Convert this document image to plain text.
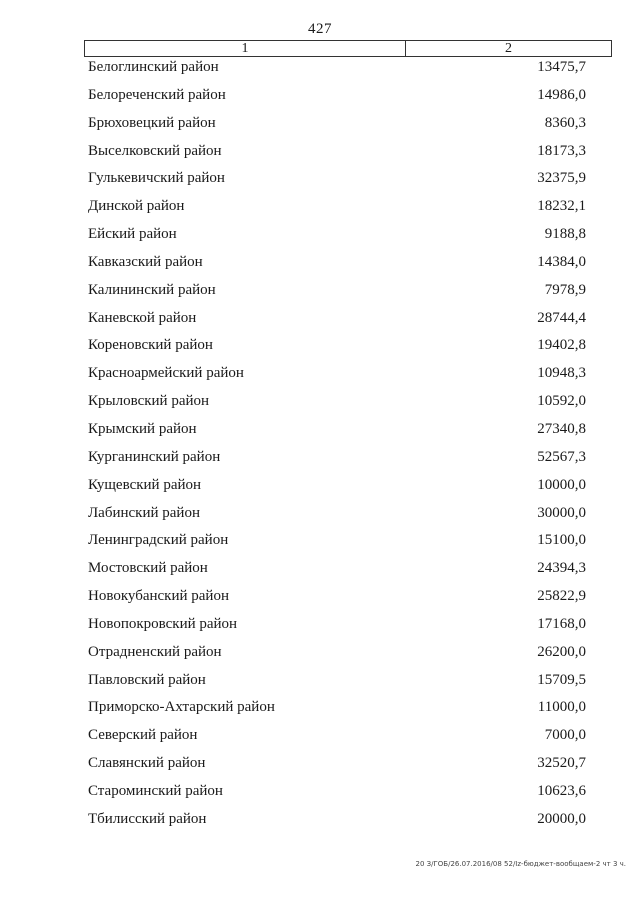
427
1	2
Белоглинский район	13475,7
Белореченский район	14986,0
Брюховецкий район	8360,3
Выселковский район	18173,3
Гулькевичский район	32375,9
Динской район	18232,1
Ейский район	9188,8
Кавказский район	14384,0
Калининский район	7978,9
Каневской район	28744,4
Кореновский район	19402,8
Красноармейский район	10948,3
Крыловский район	10592,0
Крымский район	27340,8
Курганинский район	52567,3
Кущевский район	10000,0
Лабинский район	30000,0
Ленинградский район	15100,0
Мостовский район	24394,3
Новокубанский район	25822,9
Новопокровский район	17168,0
Отрадненский район	26200,0
Павловский район	15709,5
Приморско-Ахтарский район	11000,0
Северский район	7000,0
Славянский район	32520,7
Староминский район	10623,6
Тбилисский район	20000,0
20 З/ГОБ/26.07.2016/08 52/Iz-бюджет-вообщаем-2 чт 3 ч.
